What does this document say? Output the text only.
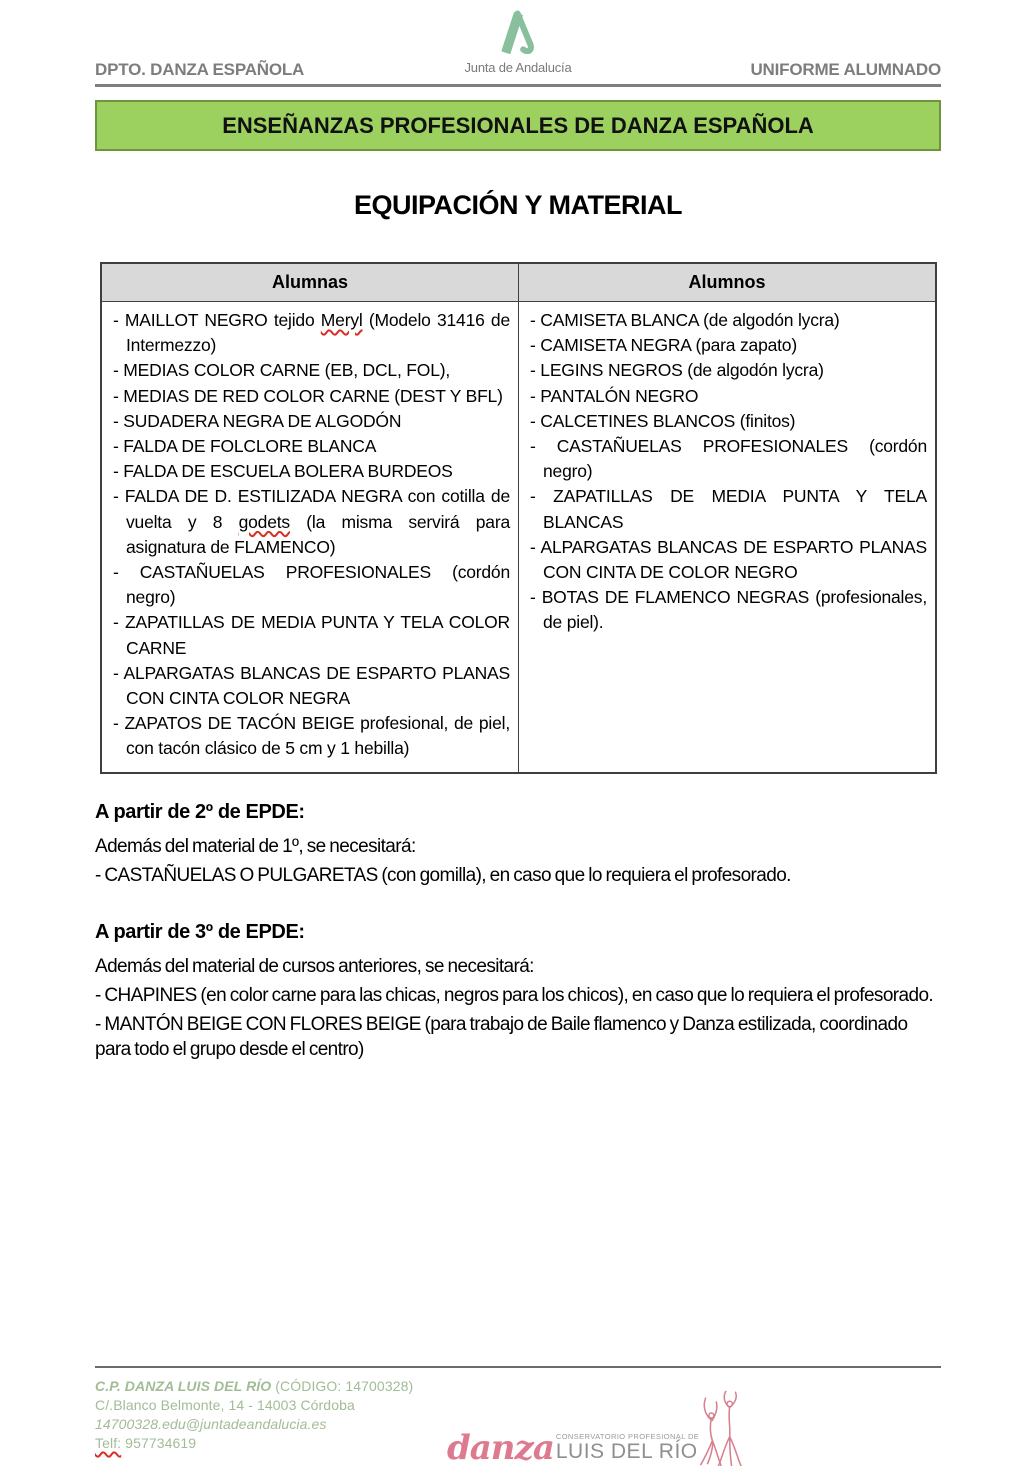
Junta de Andalucía
DPTO. DANZA ESPAÑOLA	UNIFORME ALUMNADO
ENSEÑANZAS PROFESIONALES DE DANZA ESPAÑOLA
EQUIPACIÓN Y MATERIAL
Alumnas	Alumnos

- MAILLOT NEGRO tejido Meryl (Modelo 31416 de Intermezzo)
- MEDIAS COLOR CARNE (EB, DCL, FOL),
- MEDIAS DE RED COLOR CARNE (DEST Y BFL)
- SUDADERA NEGRA DE ALGODÓN
- FALDA DE FOLCLORE BLANCA
- FALDA DE ESCUELA BOLERA BURDEOS
- FALDA DE D. ESTILIZADA NEGRA con cotilla de vuelta y 8 godets (la misma servirá para asignatura de FLAMENCO)
- CASTAÑUELAS PROFESIONALES (cordón negro)
- ZAPATILLAS DE MEDIA PUNTA Y TELA COLOR CARNE
- ALPARGATAS BLANCAS DE ESPARTO PLANAS CON CINTA COLOR NEGRA
- ZAPATOS DE TACÓN BEIGE profesional, de piel, con tacón clásico de 5 cm y 1 hebilla)

- CAMISETA BLANCA (de algodón lycra)
- CAMISETA NEGRA (para zapato)
- LEGINS NEGROS (de algodón lycra)
- PANTALÓN NEGRO
- CALCETINES BLANCOS (finitos)
- CASTAÑUELAS PROFESIONALES (cordón negro)
- ZAPATILLAS DE MEDIA PUNTA Y TELA BLANCAS
- ALPARGATAS BLANCAS DE ESPARTO PLANAS CON CINTA DE COLOR NEGRO
- BOTAS DE FLAMENCO NEGRAS (profesionales, de piel).
A partir de 2º de EPDE:

Además del material de 1º, se necesitará:

- CASTAÑUELAS O PULGARETAS (con gomilla), en caso que lo requiera el profesorado.

A partir de 3º de EPDE:

Además del material de cursos anteriores, se necesitará:

- CHAPINES (en color carne para las chicas, negros para los chicos), en caso que lo requiera el profesorado.

- MANTÓN BEIGE CON FLORES BEIGE (para trabajo de Baile flamenco y Danza estilizada, coordinado para todo el grupo desde el centro)

C.P. DANZA LUIS DEL RÍO (CÓDIGO: 14700328)
C/.Blanco Belmonte, 14 - 14003 Córdoba
14700328.edu@juntadeandalucia.es
Telf: 957734619	danza CONSERVATORIO PROFESIONAL DE
LUIS DEL RÍO
